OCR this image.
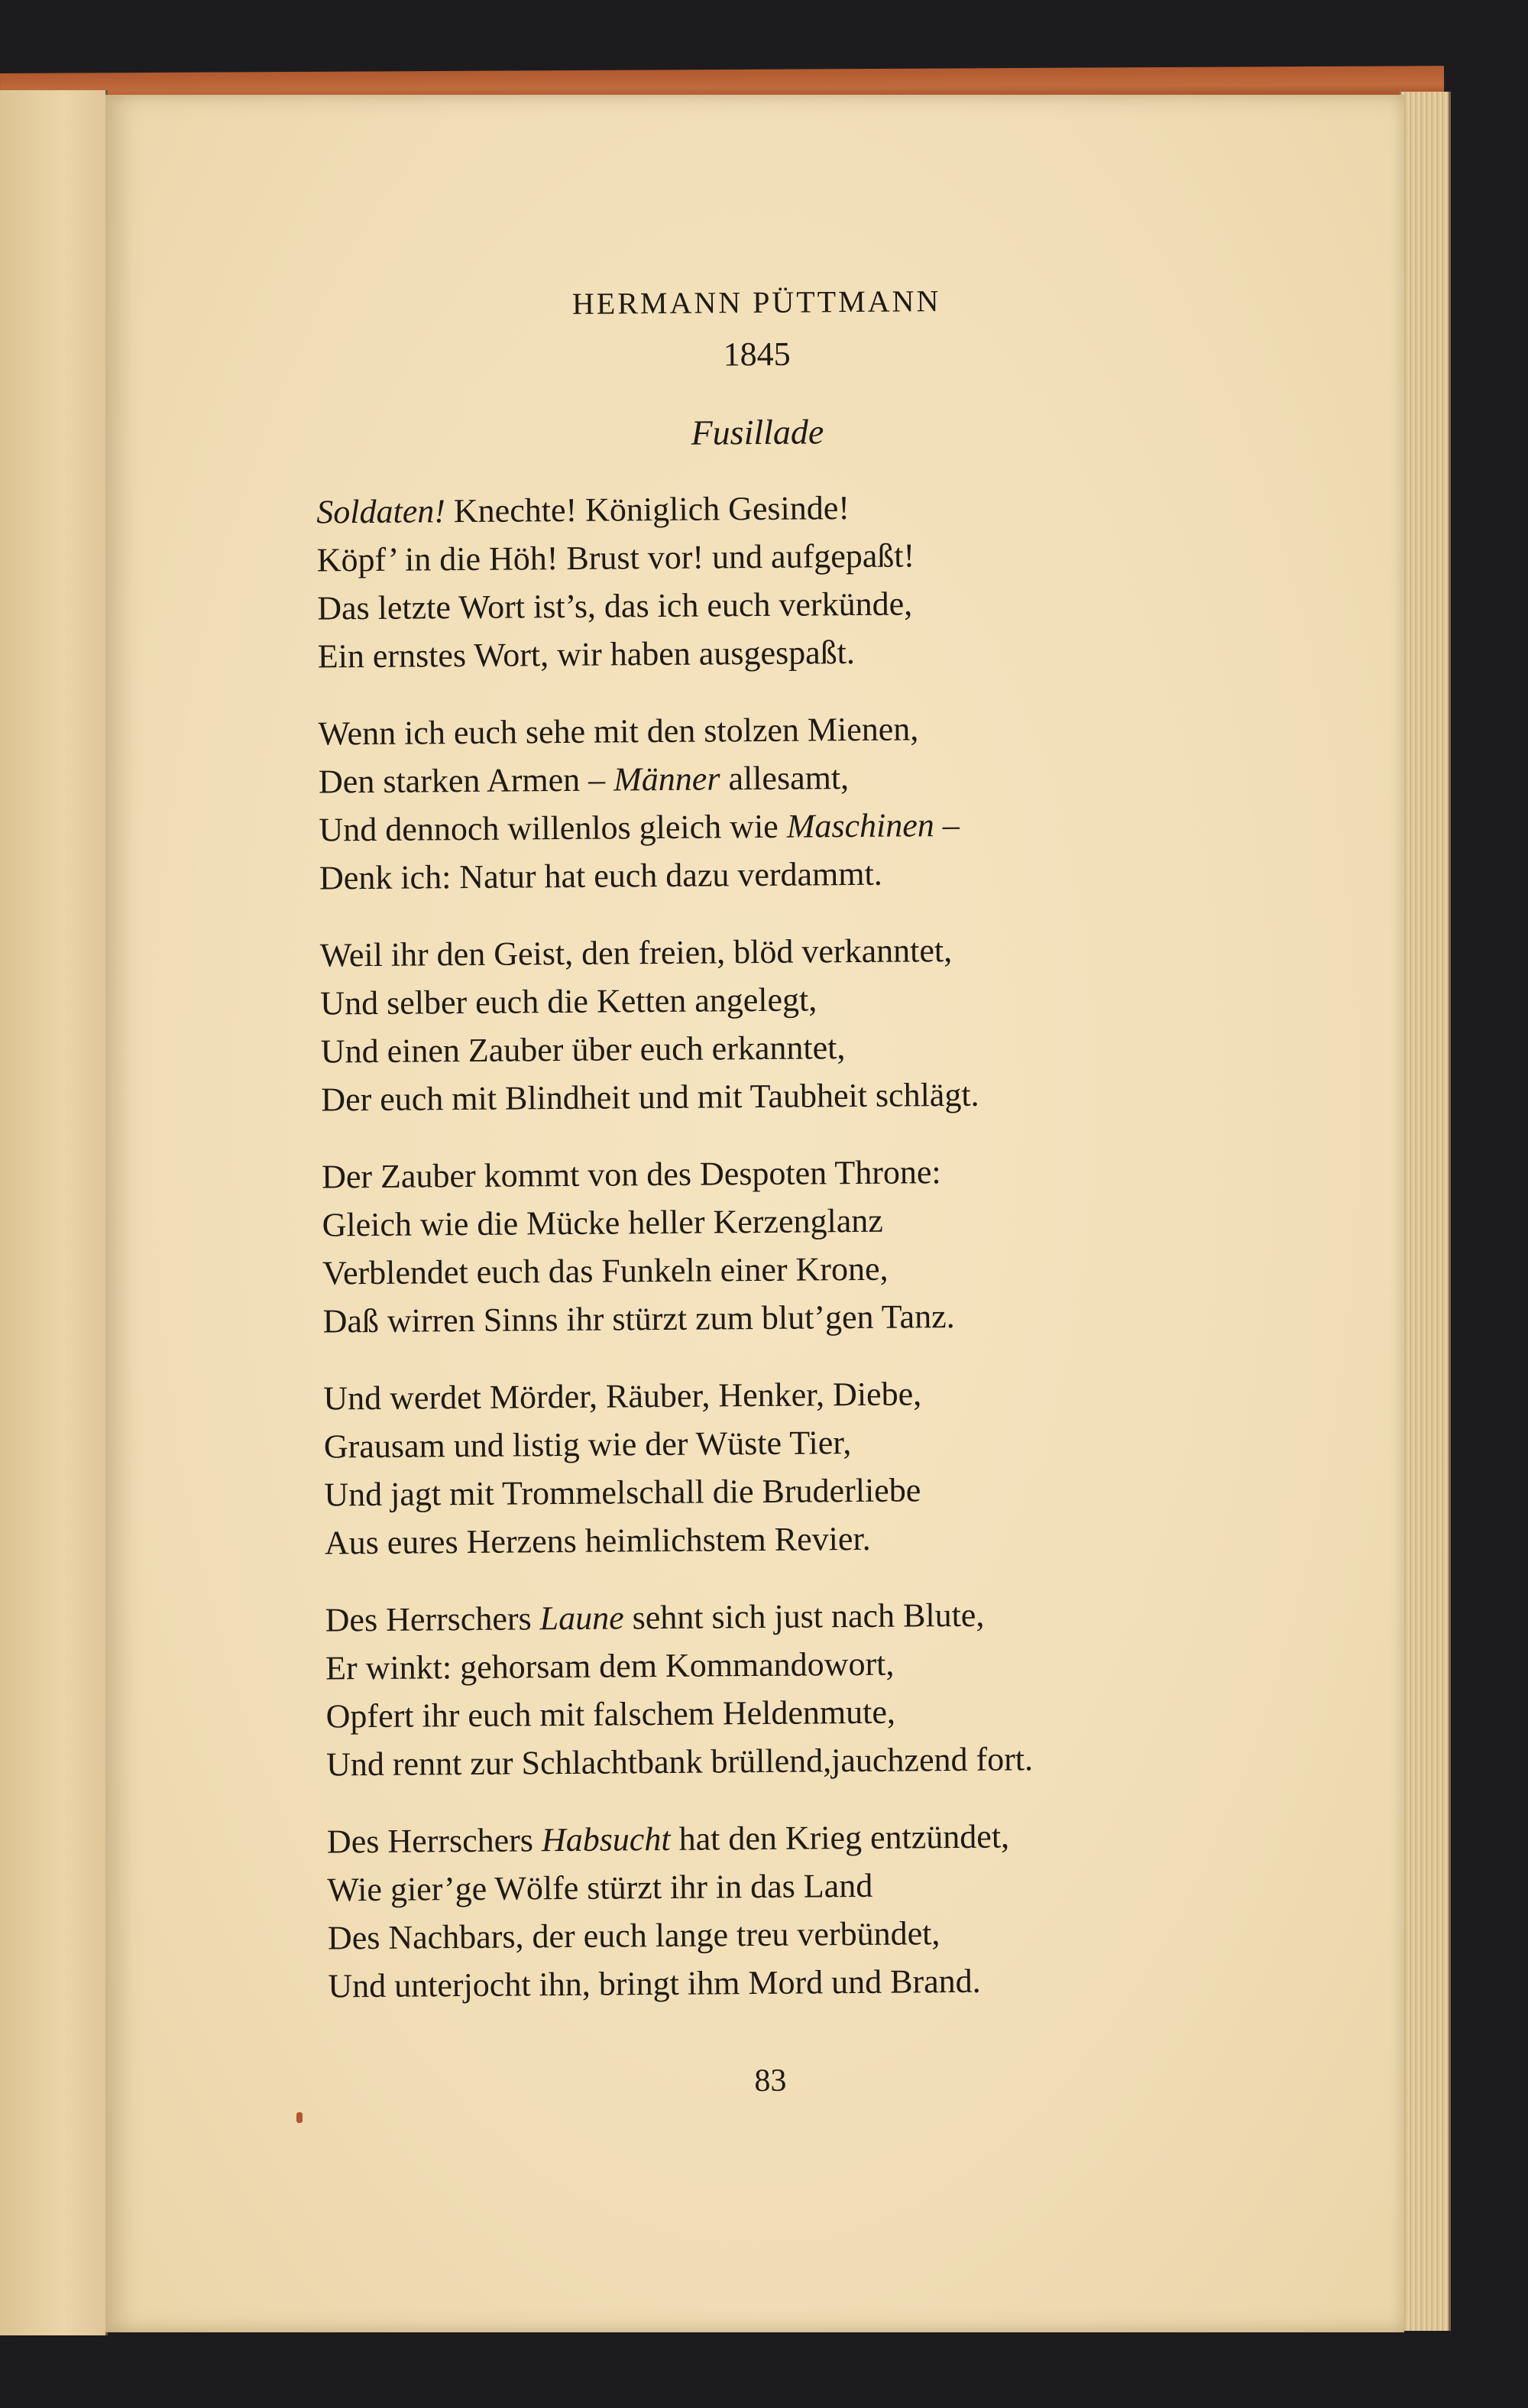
HERMANN PÜTTMANN
1845
Fusillade
Soldaten! Knechte! Königlich Gesinde!
Köpf’ in die Höh! Brust vor! und aufgepaßt!
Das letzte Wort ist’s, das ich euch verkünde,
Ein ernstes Wort, wir haben ausgespaßt.
Wenn ich euch sehe mit den stolzen Mienen,
Den starken Armen – Männer allesamt,
Und dennoch willenlos gleich wie Maschinen –
Denk ich: Natur hat euch dazu verdammt.
Weil ihr den Geist, den freien, blöd verkanntet,
Und selber euch die Ketten angelegt,
Und einen Zauber über euch erkanntet,
Der euch mit Blindheit und mit Taubheit schlägt.
Der Zauber kommt von des Despoten Throne:
Gleich wie die Mücke heller Kerzenglanz
Verblendet euch das Funkeln einer Krone,
Daß wirren Sinns ihr stürzt zum blut’gen Tanz.
Und werdet Mörder, Räuber, Henker, Diebe,
Grausam und listig wie der Wüste Tier,
Und jagt mit Trommelschall die Bruderliebe
Aus eures Herzens heimlichstem Revier.
Des Herrschers Laune sehnt sich just nach Blute,
Er winkt: gehorsam dem Kommandowort,
Opfert ihr euch mit falschem Heldenmute,
Und rennt zur Schlachtbank brüllend,jauchzend fort.
Des Herrschers Habsucht hat den Krieg entzündet,
Wie gier’ge Wölfe stürzt ihr in das Land
Des Nachbars, der euch lange treu verbündet,
Und unterjocht ihn, bringt ihm Mord und Brand.
83
